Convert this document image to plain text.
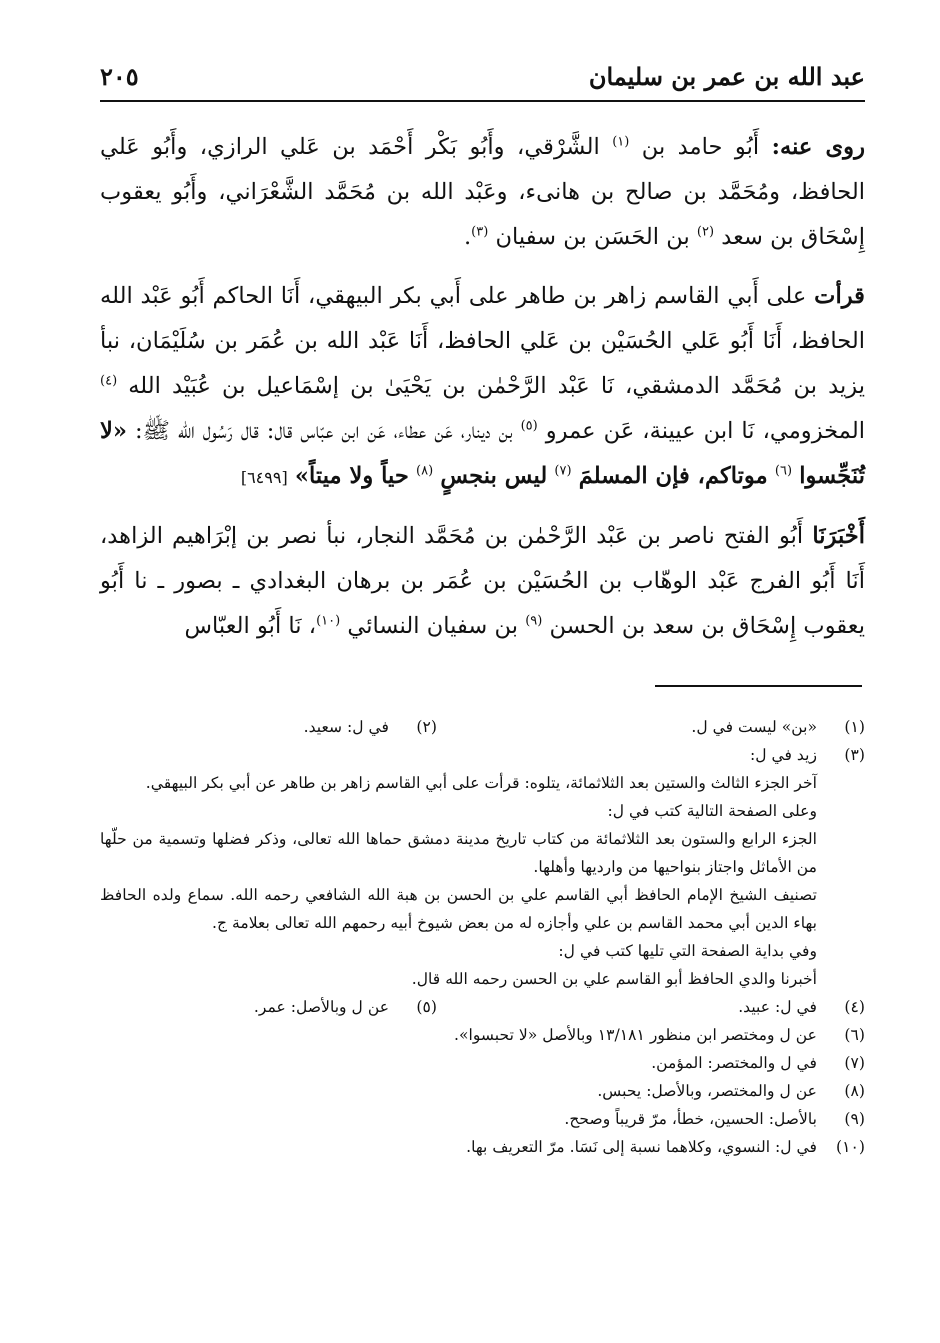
عبد الله بن عمر بن سليمان
٢٠٥

روى عنه: أَبُو حامد بن $^{(١)}$ الشَّرْقي، وأَبُو بَكْر أَحْمَد بن عَلي الرازي، وأَبُو عَلي الحافظ، ومُحَمَّد بن صالح بن هانىء، وعَبْد الله بن مُحَمَّد الشَّعْرَاني، وأَبُو يعقوب إِسْحَاق بن سعد $^{(٢)}$ بن الحَسَن بن سفيان $^{(٣)}$.

قرأت على أَبي القاسم زاهر بن طاهر على أَبي بكر البيهقي، أَنَا الحاكم أَبُو عَبْد الله الحافظ، أَنَا أَبُو عَلي الحُسَيْن بن عَلي الحافظ، أَنَا عَبْد الله بن عُمَر بن سُلَيْمَان، نبأ يزيد بن مُحَمَّد الدمشقي، نَا عَبْد الرَّحْمٰن بن يَحْيَىٰ بن إسْمَاعيل بن عُبَيْد الله $^{(٤)}$ المخزومي، نَا ابن عيينة، عَن عمرو $^{(٥)}$ بن دينار، عَن عطاء، عَن ابن عبّاس قال: قال رَسُول الله ﷺ: «لا تُنَجِّسوا $^{(٦)}$ موتاكم، فإن المسلمَ $^{(٧)}$ ليس بنجسٍ $^{(٨)}$ حياً ولا ميتاً» [٦٤٩٩]

أَخْبَرَنَا أَبُو الفتح ناصر بن عَبْد الرَّحْمٰن بن مُحَمَّد النجار، نبأ نصر بن إبْرَاهيم الزاهد، أَنَا أَبُو الفرج عَبْد الوهّاب بن الحُسَيْن بن عُمَر بن برهان البغدادي ـ بصور ـ نا أَبُو يعقوب إِسْحَاق بن سعد بن الحسن $^{(٩)}$ بن سفيان النسائي $^{(١٠)}$، نَا أَبُو العبّاس

(١)
«بن» ليست في ل.
(٢)
في ل: سعيد.
(٣)
زيد في ل:
آخر الجزء الثالث والستين بعد الثلاثمائة، يتلوه: قرأت على أبي القاسم زاهر بن طاهر عن أبي بكر البيهقي.
وعلى الصفحة التالية كتب في ل:
الجزء الرابع والستون بعد الثلاثمائة من كتاب تاريخ مدينة دمشق حماها الله تعالى، وذكر فضلها وتسمية من حلّها من الأماثل واجتاز بنواحيها من وارديها وأهلها.
تصنيف الشيخ الإمام الحافظ أبي القاسم علي بن الحسن بن هبة الله الشافعي رحمه الله. سماع ولده الحافظ بهاء الدين أبي محمد القاسم بن علي وأجازه له من بعض شيوخ أبيه رحمهم الله تعالى بعلامة ج.
وفي بداية الصفحة التي تليها كتب في ل:
أخبرنا والدي الحافظ أبو القاسم علي بن الحسن رحمه الله قال.
(٤)
في ل: عبيد.
(٥)
عن ل وبالأصل: عمر.
(٦)
عن ل ومختصر ابن منظور ١٣/١٨١ وبالأصل «لا تحبسوا».
(٧)
في ل والمختصر: المؤمن.
(٨)
عن ل والمختصر، وبالأصل: يحبس.
(٩)
بالأصل: الحسين، خطأ، مرّ قريباً وصحح.
(١٠)
في ل: النسوي، وكلاهما نسبة إلى نَسَا. مرّ التعريف بها.
